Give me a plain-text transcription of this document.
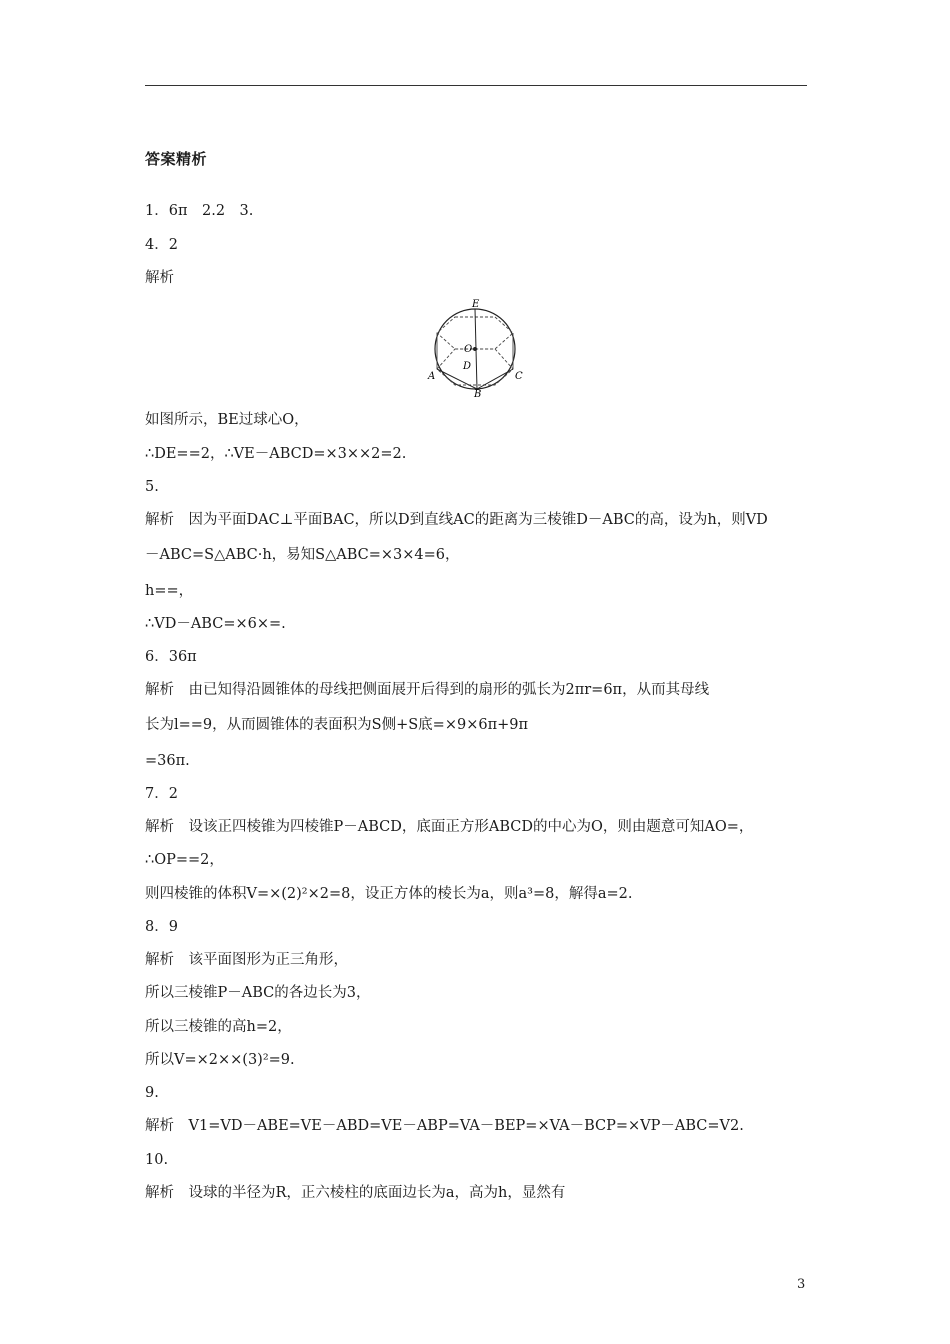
答案精析
1．6π　2.2　3.
4．2
解析
E
O
D
A
B
C
如图所示，BE过球心O，
∴DE==2，∴VE－ABCD=×3××2=2.
5.
解析　因为平面DAC⊥平面BAC，所以D到直线AC的距离为三棱锥D－ABC的高，设为h，则VD
－ABC=S△ABC·h，易知S△ABC=×3×4=6，
h==，
∴VD－ABC=×6×=.
6．36π
解析　由已知得沿圆锥体的母线把侧面展开后得到的扇形的弧长为2πr=6π，从而其母线
长为l==9，从而圆锥体的表面积为S侧+S底=×9×6π+9π
=36π.
7．2
解析　设该正四棱锥为四棱锥P－ABCD，底面正方形ABCD的中心为O，则由题意可知AO=，
∴OP==2，
则四棱锥的体积V=×(2)²×2=8，设正方体的棱长为a，则a³=8，解得a=2.
8．9
解析　该平面图形为正三角形，
所以三棱锥P－ABC的各边长为3，
所以三棱锥的高h=2，
所以V=×2××(3)²=9.
9.
解析　V1=VD－ABE=VE－ABD=VE－ABP=VA－BEP=×VA－BCP=×VP－ABC=V2.
10.
解析　设球的半径为R，正六棱柱的底面边长为a，高为h，显然有
3
